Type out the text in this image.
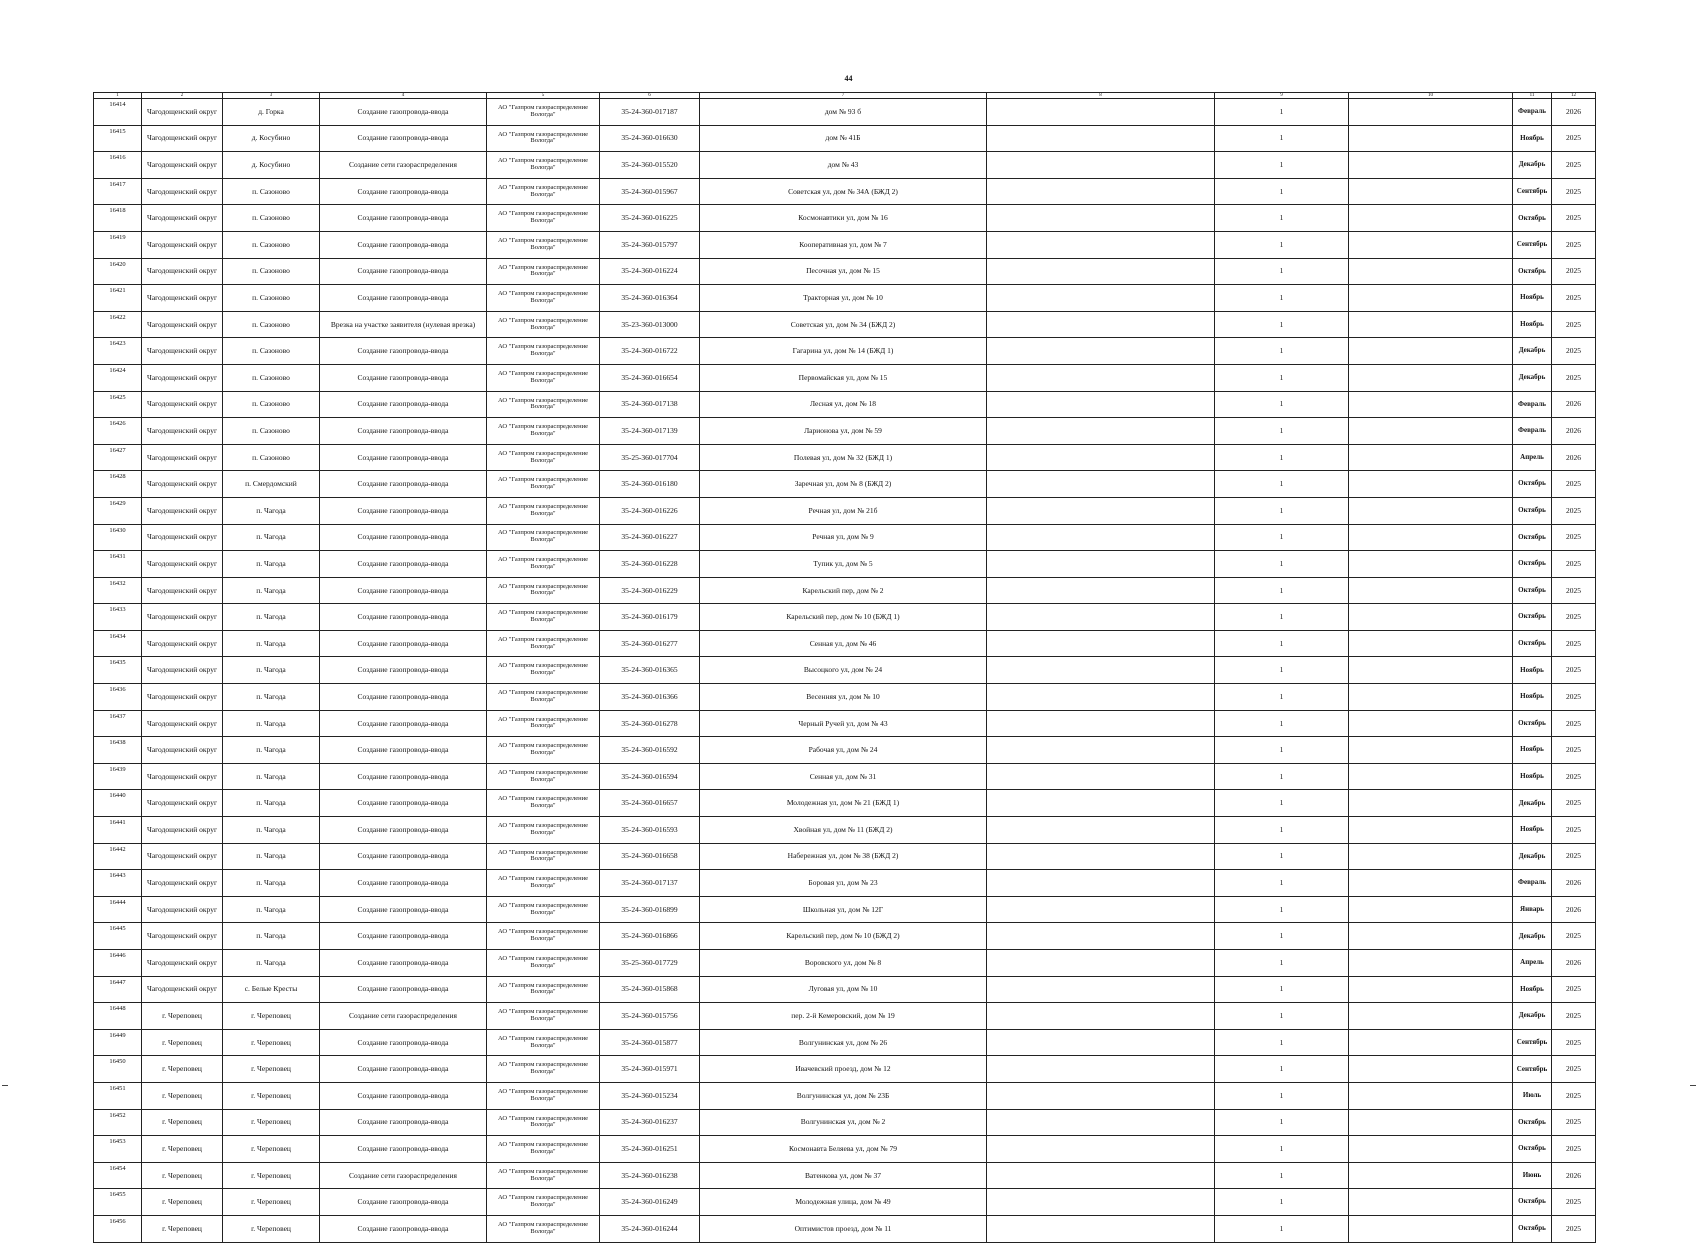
44
1	2	3	4	5	6	7	8	9	10	11	12
16414	Чагодощенский округ	д. Горка	Создание газопровода-ввода	АО "Газпром газораспределение Вологда"	35-24-360-017187	дом № 93 б		1		Февраль	2026
16415	Чагодощенский округ	д. Косубино	Создание газопровода-ввода	АО "Газпром газораспределение Вологда"	35-24-360-016630	дом № 41Б		1		Ноябрь	2025
16416	Чагодощенский округ	д. Косубино	Создание сети газораспределения	АО "Газпром газораспределение Вологда"	35-24-360-015520	дом № 43		1		Декабрь	2025
16417	Чагодощенский округ	п. Сазоново	Создание газопровода-ввода	АО "Газпром газораспределение Вологда"	35-24-360-015967	Советская ул, дом № 34А (БЖД 2)		1		Сентябрь	2025
16418	Чагодощенский округ	п. Сазоново	Создание газопровода-ввода	АО "Газпром газораспределение Вологда"	35-24-360-016225	Космонавтики ул, дом № 16		1		Октябрь	2025
16419	Чагодощенский округ	п. Сазоново	Создание газопровода-ввода	АО "Газпром газораспределение Вологда"	35-24-360-015797	Кооперативная ул, дом № 7		1		Сентябрь	2025
16420	Чагодощенский округ	п. Сазоново	Создание газопровода-ввода	АО "Газпром газораспределение Вологда"	35-24-360-016224	Песочная ул, дом № 15		1		Октябрь	2025
16421	Чагодощенский округ	п. Сазоново	Создание газопровода-ввода	АО "Газпром газораспределение Вологда"	35-24-360-016364	Тракторная ул, дом № 10		1		Ноябрь	2025
16422	Чагодощенский округ	п. Сазоново	Врезка на участке заявителя (нулевая врезка)	АО "Газпром газораспределение Вологда"	35-23-360-013000	Советская ул, дом № 34 (БЖД 2)		1		Ноябрь	2025
16423	Чагодощенский округ	п. Сазоново	Создание газопровода-ввода	АО "Газпром газораспределение Вологда"	35-24-360-016722	Гагарина ул, дом № 14 (БЖД 1)		1		Декабрь	2025
16424	Чагодощенский округ	п. Сазоново	Создание газопровода-ввода	АО "Газпром газораспределение Вологда"	35-24-360-016654	Первомайская ул, дом № 15		1		Декабрь	2025
16425	Чагодощенский округ	п. Сазоново	Создание газопровода-ввода	АО "Газпром газораспределение Вологда"	35-24-360-017138	Лесная ул, дом № 18		1		Февраль	2026
16426	Чагодощенский округ	п. Сазоново	Создание газопровода-ввода	АО "Газпром газораспределение Вологда"	35-24-360-017139	Ларионова ул, дом № 59		1		Февраль	2026
16427	Чагодощенский округ	п. Сазоново	Создание газопровода-ввода	АО "Газпром газораспределение Вологда"	35-25-360-017704	Полевая ул, дом № 32 (БЖД 1)		1		Апрель	2026
16428	Чагодощенский округ	п. Смердомский	Создание газопровода-ввода	АО "Газпром газораспределение Вологда"	35-24-360-016180	Заречная ул, дом № 8 (БЖД 2)		1		Октябрь	2025
16429	Чагодощенский округ	п. Чагода	Создание газопровода-ввода	АО "Газпром газораспределение Вологда"	35-24-360-016226	Речная ул, дом № 21б		1		Октябрь	2025
16430	Чагодощенский округ	п. Чагода	Создание газопровода-ввода	АО "Газпром газораспределение Вологда"	35-24-360-016227	Речная ул, дом № 9		1		Октябрь	2025
16431	Чагодощенский округ	п. Чагода	Создание газопровода-ввода	АО "Газпром газораспределение Вологда"	35-24-360-016228	Тупик ул, дом № 5		1		Октябрь	2025
16432	Чагодощенский округ	п. Чагода	Создание газопровода-ввода	АО "Газпром газораспределение Вологда"	35-24-360-016229	Карельский пер, дом № 2		1		Октябрь	2025
16433	Чагодощенский округ	п. Чагода	Создание газопровода-ввода	АО "Газпром газораспределение Вологда"	35-24-360-016179	Карельский пер, дом № 10 (БЖД 1)		1		Октябрь	2025
16434	Чагодощенский округ	п. Чагода	Создание газопровода-ввода	АО "Газпром газораспределение Вологда"	35-24-360-016277	Сенная ул, дом № 46		1		Октябрь	2025
16435	Чагодощенский округ	п. Чагода	Создание газопровода-ввода	АО "Газпром газораспределение Вологда"	35-24-360-016365	Высоцкого ул, дом № 24		1		Ноябрь	2025
16436	Чагодощенский округ	п. Чагода	Создание газопровода-ввода	АО "Газпром газораспределение Вологда"	35-24-360-016366	Весенняя ул, дом № 10		1		Ноябрь	2025
16437	Чагодощенский округ	п. Чагода	Создание газопровода-ввода	АО "Газпром газораспределение Вологда"	35-24-360-016278	Черный Ручей ул, дом № 43		1		Октябрь	2025
16438	Чагодощенский округ	п. Чагода	Создание газопровода-ввода	АО "Газпром газораспределение Вологда"	35-24-360-016592	Рабочая ул, дом № 24		1		Ноябрь	2025
16439	Чагодощенский округ	п. Чагода	Создание газопровода-ввода	АО "Газпром газораспределение Вологда"	35-24-360-016594	Сенная ул, дом № 31		1		Ноябрь	2025
16440	Чагодощенский округ	п. Чагода	Создание газопровода-ввода	АО "Газпром газораспределение Вологда"	35-24-360-016657	Молодежная ул, дом № 21 (БЖД 1)		1		Декабрь	2025
16441	Чагодощенский округ	п. Чагода	Создание газопровода-ввода	АО "Газпром газораспределение Вологда"	35-24-360-016593	Хвойная ул, дом № 11 (БЖД 2)		1		Ноябрь	2025
16442	Чагодощенский округ	п. Чагода	Создание газопровода-ввода	АО "Газпром газораспределение Вологда"	35-24-360-016658	Набережная ул, дом № 38 (БЖД 2)		1		Декабрь	2025
16443	Чагодощенский округ	п. Чагода	Создание газопровода-ввода	АО "Газпром газораспределение Вологда"	35-24-360-017137	Боровая ул, дом № 23		1		Февраль	2026
16444	Чагодощенский округ	п. Чагода	Создание газопровода-ввода	АО "Газпром газораспределение Вологда"	35-24-360-016899	Школьная ул, дом № 12Г		1		Январь	2026
16445	Чагодощенский округ	п. Чагода	Создание газопровода-ввода	АО "Газпром газораспределение Вологда"	35-24-360-016866	Карельский пер, дом № 10 (БЖД 2)		1		Декабрь	2025
16446	Чагодощенский округ	п. Чагода	Создание газопровода-ввода	АО "Газпром газораспределение Вологда"	35-25-360-017729	Воровского ул, дом № 8		1		Апрель	2026
16447	Чагодощенский округ	с. Белые Кресты	Создание газопровода-ввода	АО "Газпром газораспределение Вологда"	35-24-360-015868	Луговая ул, дом № 10		1		Ноябрь	2025
16448	г. Череповец	г. Череповец	Создание сети газораспределения	АО "Газпром газораспределение Вологда"	35-24-360-015756	пер. 2-й Кемеровский, дом № 19		1		Декабрь	2025
16449	г. Череповец	г. Череповец	Создание газопровода-ввода	АО "Газпром газораспределение Вологда"	35-24-360-015877	Волгунинская ул, дом № 26		1		Сентябрь	2025
16450	г. Череповец	г. Череповец	Создание газопровода-ввода	АО "Газпром газораспределение Вологда"	35-24-360-015971	Ивачевский проезд, дом № 12		1		Сентябрь	2025
16451	г. Череповец	г. Череповец	Создание газопровода-ввода	АО "Газпром газораспределение Вологда"	35-24-360-015234	Волгунинская ул, дом № 23Б		1		Июль	2025
16452	г. Череповец	г. Череповец	Создание газопровода-ввода	АО "Газпром газораспределение Вологда"	35-24-360-016237	Волгунинская ул, дом № 2		1		Октябрь	2025
16453	г. Череповец	г. Череповец	Создание газопровода-ввода	АО "Газпром газораспределение Вологда"	35-24-360-016251	Космонавта Беляева ул, дом № 79		1		Октябрь	2025
16454	г. Череповец	г. Череповец	Создание сети газораспределения	АО "Газпром газораспределение Вологда"	35-24-360-016238	Ватенкова ул, дом № 37		1		Июнь	2026
16455	г. Череповец	г. Череповец	Создание газопровода-ввода	АО "Газпром газораспределение Вологда"	35-24-360-016249	Молодежная улица, дом № 49		1		Октябрь	2025
16456	г. Череповец	г. Череповец	Создание газопровода-ввода	АО "Газпром газораспределение Вологда"	35-24-360-016244	Оптимистов проезд, дом № 11		1		Октябрь	2025
